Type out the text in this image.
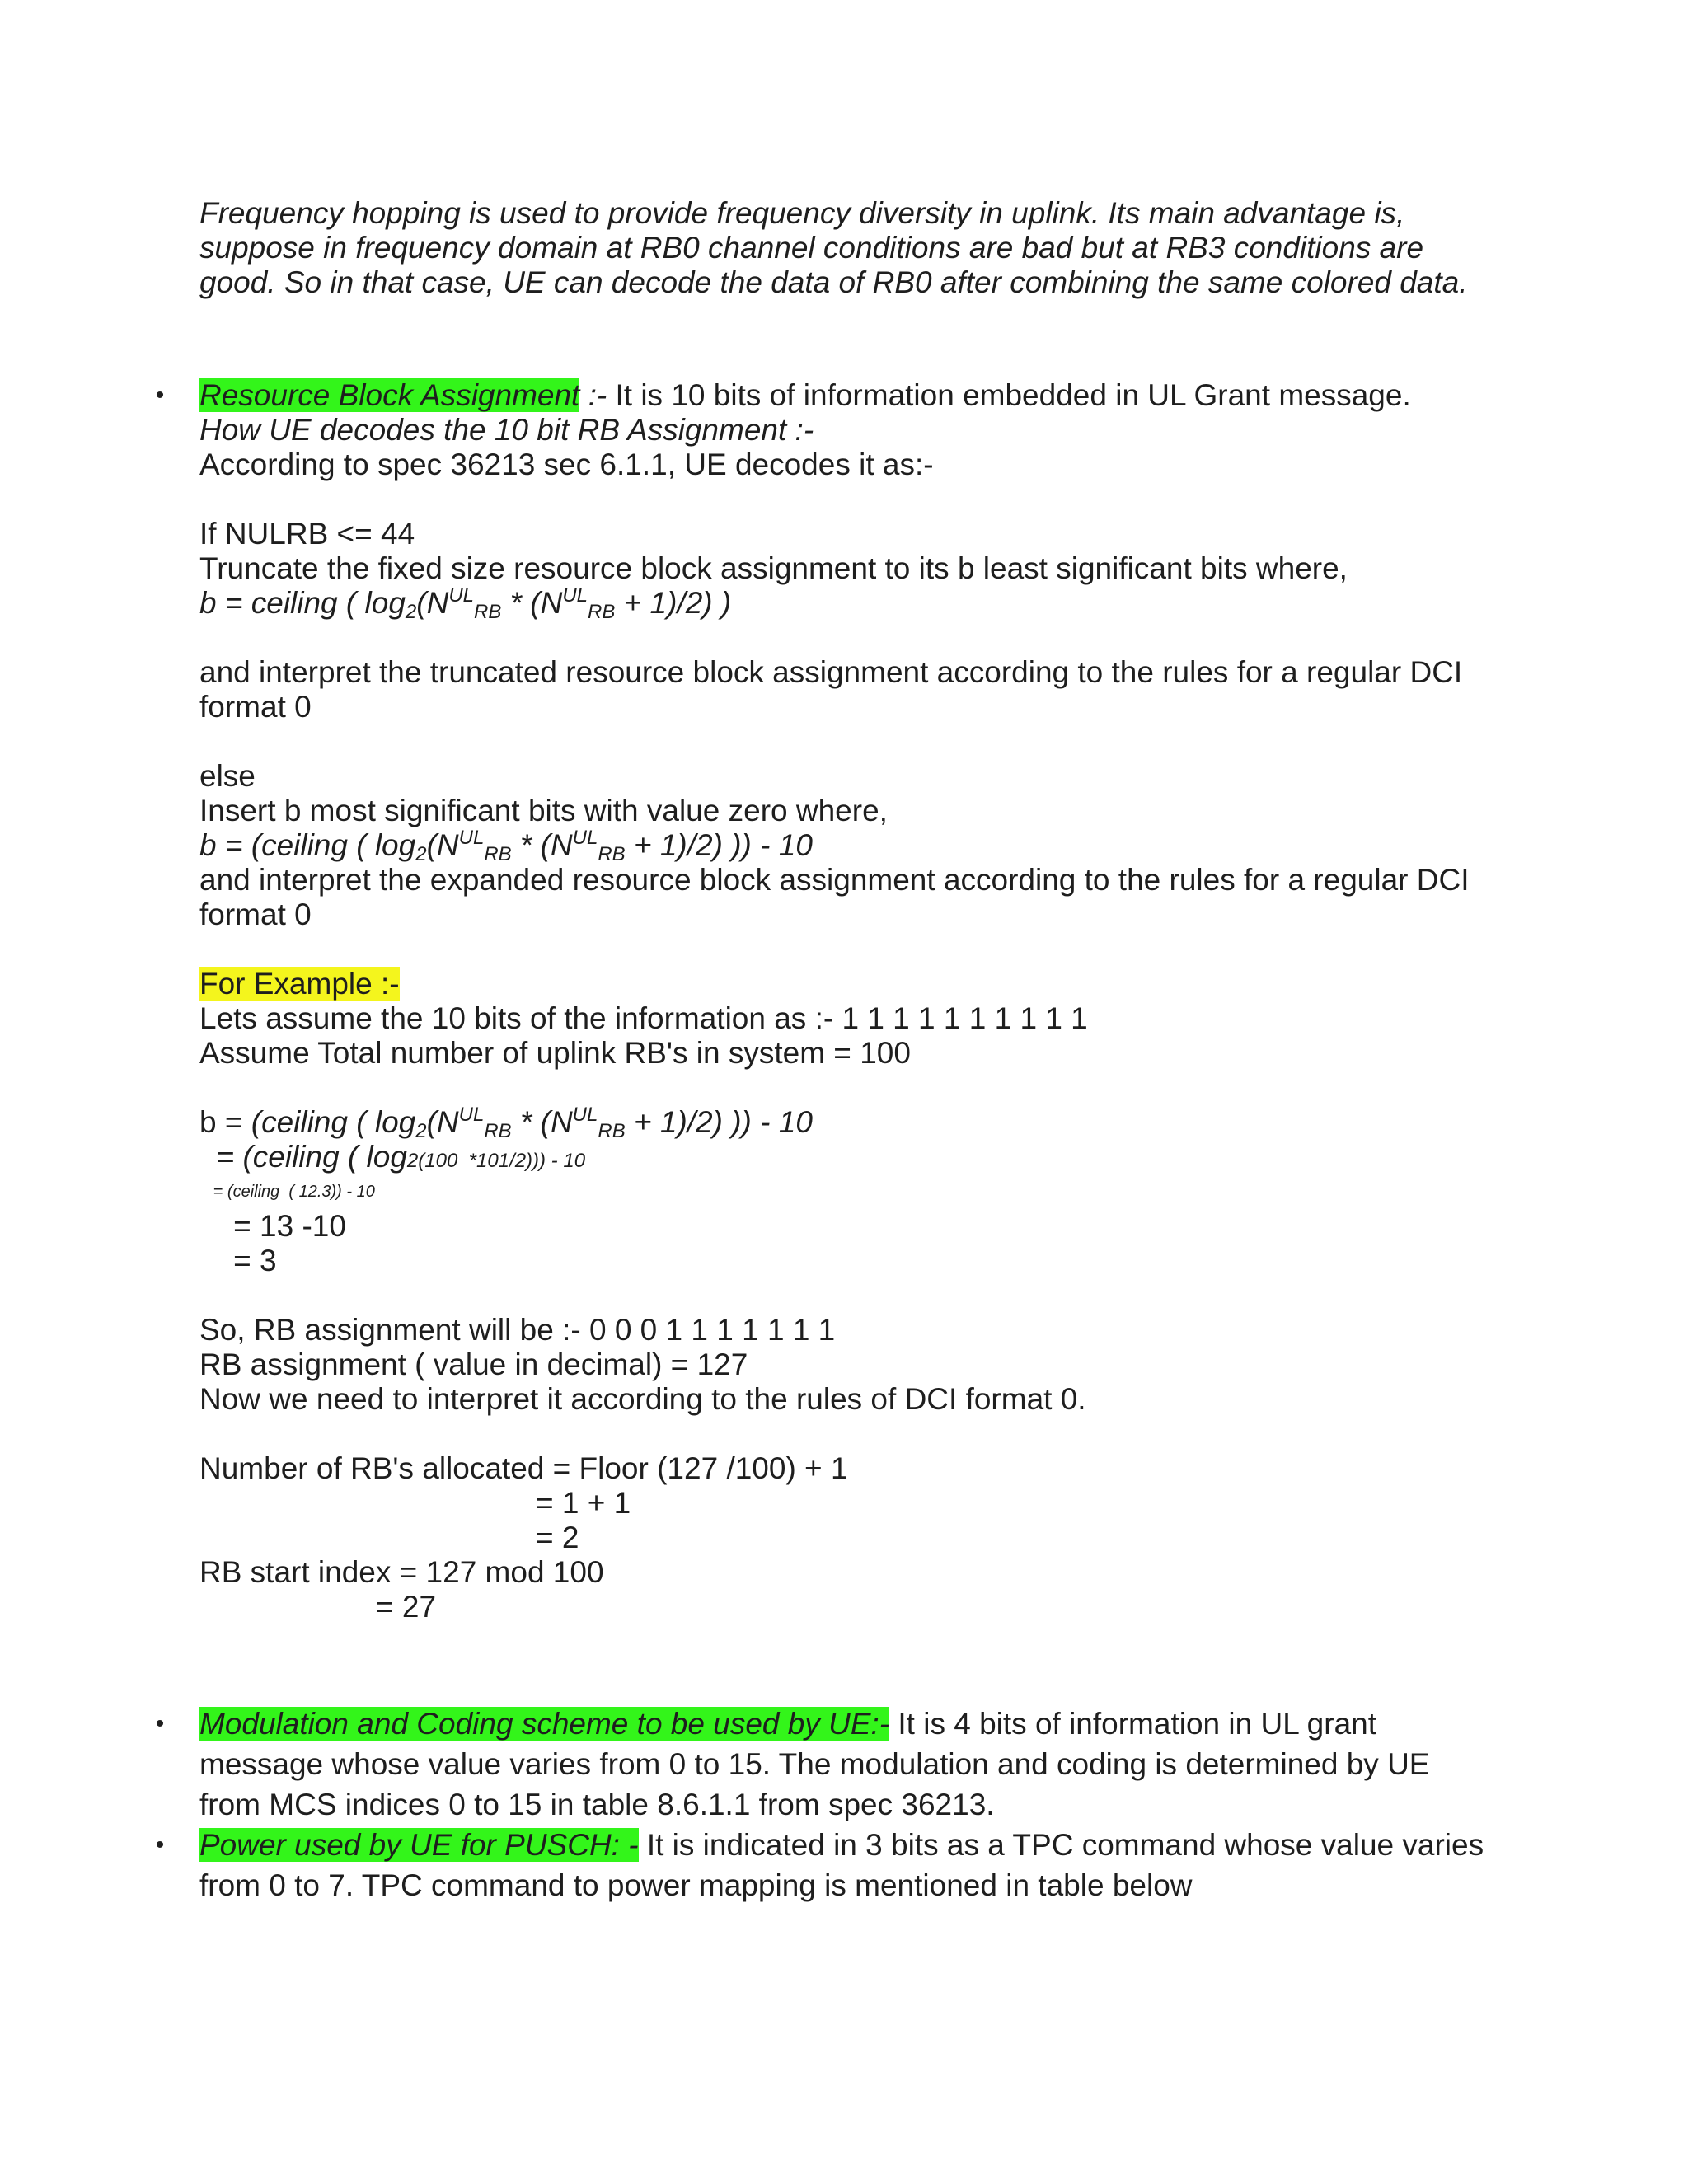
Frequency hopping is used to provide frequency diversity in uplink. Its main advantage is,
suppose in frequency domain at RB0 channel conditions are bad but at RB3 conditions are
good. So in that case, UE can decode the data of RB0 after combining the same colored data.
• Resource Block Assignment :- It is 10 bits of information embedded in UL Grant message.
How UE decodes the 10 bit RB Assignment :-
According to spec 36213 sec 6.1.1, UE decodes it as:-
If NULRB <= 44
Truncate the fixed size resource block assignment to its b least significant bits where,
b = ceiling ( $\log_2(N^{UL}_{RB} * (N^{UL}_{RB} + 1)/2)$ )
and interpret the truncated resource block assignment according to the rules for a regular DCI
format 0
else
Insert b most significant bits with value zero where,
b = (ceiling ( $\log_2(N^{UL}_{RB} * (N^{UL}_{RB} + 1)/2)$ )) - 10
and interpret the expanded resource block assignment according to the rules for a regular DCI
format 0
For Example :-
Lets assume the 10 bits of the information as :- 1 1 1 1 1 1 1 1 1 1
Assume Total number of uplink RB's in system = 100
b = (ceiling ( $\log_2(N^{UL}_{RB} * (N^{UL}_{RB} + 1)/2)$ )) - 10
= (ceiling ( log2(100  *101/2))) - 10
= (ceiling  ( 12.3)) - 10
= 13 -10
= 3
So, RB assignment will be :- 0 0 0 1 1 1 1 1 1 1
RB assignment ( value in decimal) = 127
Now we need to interpret it according to the rules of DCI format 0.
Number of RB's allocated = Floor (127 /100) + 1
= 1 + 1
= 2
RB start index = 127 mod 100
= 27
• Modulation and Coding scheme to be used by UE:- It is 4 bits of information in UL grant
message whose value varies from 0 to 15. The modulation and coding is determined by UE
from MCS indices 0 to 15 in table 8.6.1.1 from spec 36213.
• Power used by UE for PUSCH: - It is indicated in 3 bits as a TPC command whose value varies
from 0 to 7. TPC command to power mapping is mentioned in table below
